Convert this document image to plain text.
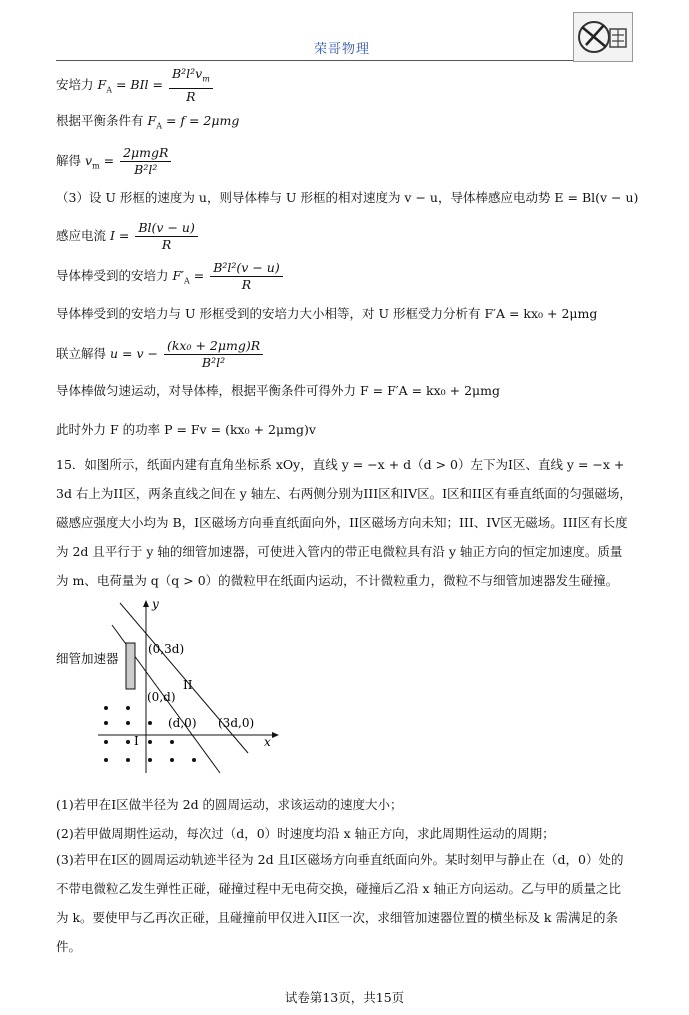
荣哥物理
安培力 $F_A$ = BIl = $\frac{B^2l^2v_m}{R}$
根据平衡条件有 $F_A = f = 2\mu mg$
解得 $v_m = \frac{\text{2μmgR}}{\text{B²l²}}$
（3）设 U 形框的速度为 u，则导体棒与 U 形框的相对速度为 v − u，导体棒感应电动势 E = Bl(v − u)
感应电流 $I = \frac{Bl(v - u)}{R}$
导体棒受到的安培力 $F'_A = \frac{\text{B²l²(v − u)}}{R}$
导体棒受到的安培力与 U 形框受到的安培力大小相等，对 U 形框受力分析有 F′A = kx₀ + 2μmg
联立解得 $u = v - \frac{\text{(kx₀ + 2μmg)R}}{\text{B²l²}}$
导体棒做匀速运动，对导体棒，根据平衡条件可得外力 F = F′A = kx₀ + 2μmg
此时外力 F 的功率 P = Fv = (kx₀ + 2μmg)v
15．如图所示，纸面内建有直角坐标系 xOy，直线 y = −x + d（d > 0）左下为I区、直线 y = −x + 3d 右上为II区，两条直线之间在 y 轴左、右两侧分别为III区和IV区。I区和II区有垂直纸面的匀强磁场，磁感应强度大小均为 B，I区磁场方向垂直纸面向外，II区磁场方向未知；III、IV区无磁场。III区有长度为 2d 且平行于 y 轴的细管加速器，可使进入管内的带正电微粒具有沿 y 轴正方向的恒定加速度。质量为 m、电荷量为 q（q > 0）的微粒甲在纸面内运动，不计微粒重力，微粒不与细管加速器发生碰撞。
x
y
细管加速器
(0,3d)
(0,d)
(d,0) (3d,0)
II
I
(1)若甲在I区做半径为 2d 的圆周运动，求该运动的速度大小；
(2)若甲做周期性运动，每次过（d，0）时速度均沿 x 轴正方向，求此周期性运动的周期；
(3)若甲在I区的圆周运动轨迹半径为 2d 且I区磁场方向垂直纸面向外。某时刻甲与静止在（d，0）处的不带电微粒乙发生弹性正碰，碰撞过程中无电荷交换，碰撞后乙沿 x 轴正方向运动。乙与甲的质量之比为 k。要使甲与乙再次正碰，且碰撞前甲仅进入II区一次，求细管加速器位置的横坐标及 k 需满足的条件。
试卷第13页，共15页
